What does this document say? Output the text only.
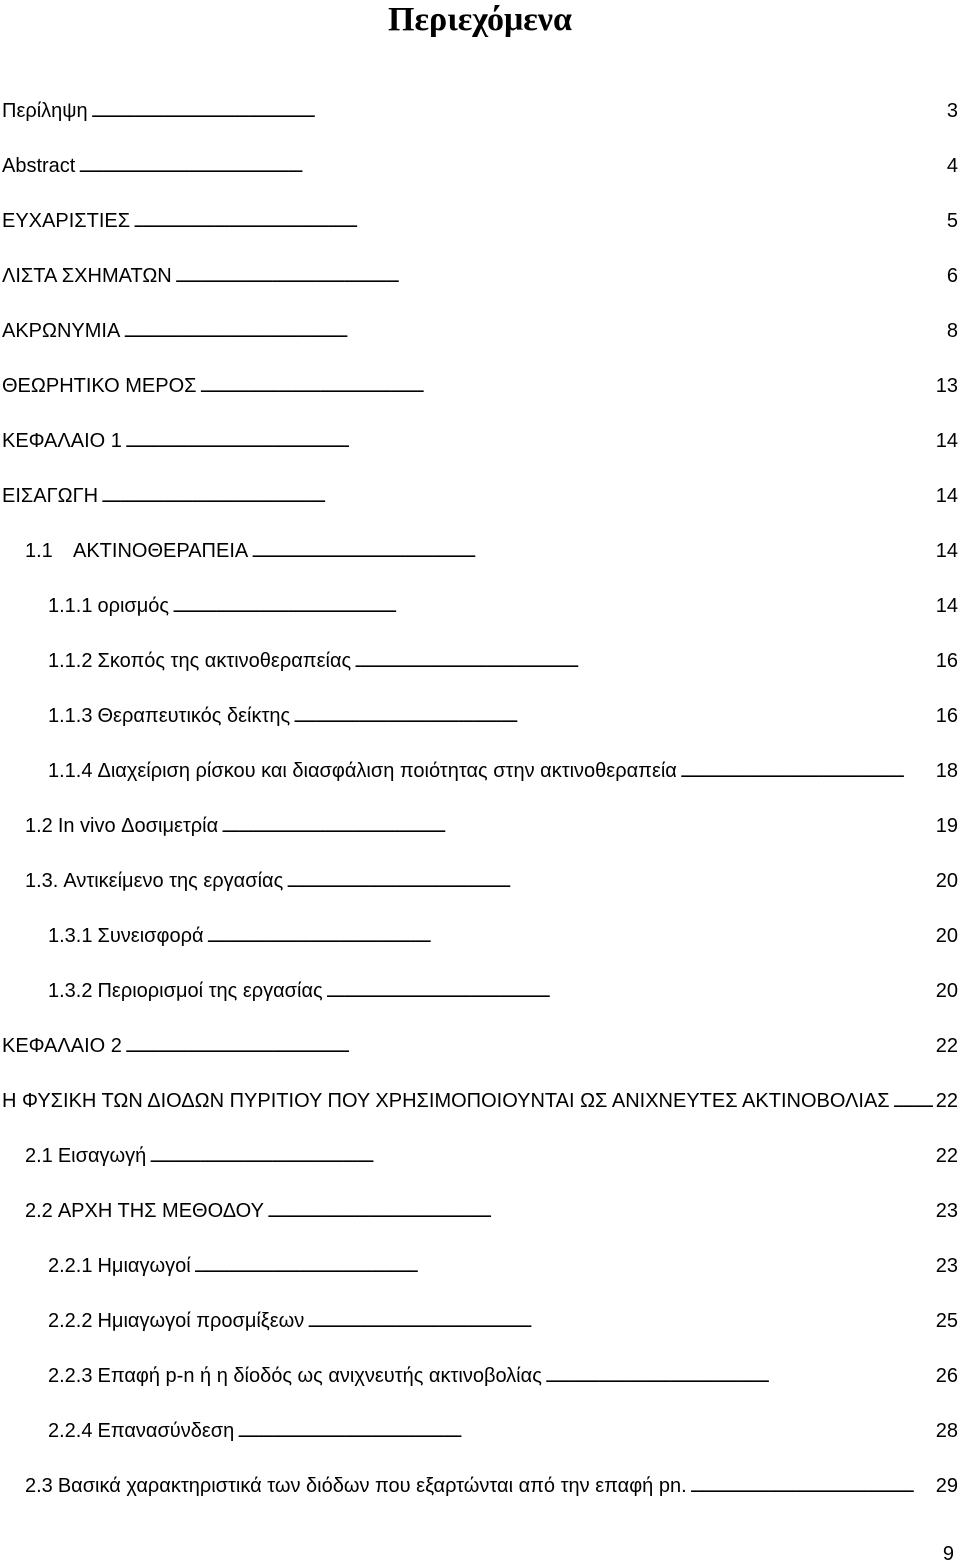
Περιεχόμενα
Περίληψη . . .	3
Abstract . . .	4
ΕΥΧΑΡΙΣΤΙΕΣ . . .	5
ΛΙΣΤΑ ΣΧΗΜΑΤΩΝ . . .	6
ΑΚΡΩΝΥΜΙΑ . . .	8
ΘΕΩΡΗΤΙΚΟ ΜΕΡΟΣ . . .	13
ΚΕΦΑΛΑΙΟ 1 . . .	14
ΕΙΣΑΓΩΓΗ . . .	14
1.1	ΑΚΤΙΝΟΘΕΡΑΠΕΙΑ . . .	14
1.1.1 ορισμός . . .	14
1.1.2 Σκοπός της ακτινοθεραπείας . . .	16
1.1.3 Θεραπευτικός δείκτης . . .	16
1.1.4 Διαχείριση ρίσκου και διασφάλιση ποιότητας στην ακτινοθεραπεία . . .	18
1.2 In vivo Δοσιμετρία . . .	19
1.3. Αντικείμενο της εργασίας . . .	20
1.3.1 Συνεισφορά . . .	20
1.3.2 Περιορισμοί της εργασίας . . .	20
ΚΕΦΑΛΑΙΟ 2 . . .	22
Η ΦΥΣΙΚΗ ΤΩΝ ΔΙΟΔΩΝ ΠΥΡΙΤΙΟΥ ΠΟΥ ΧΡΗΣΙΜΟΠΟΙΟΥΝΤΑΙ ΩΣ ΑΝΙΧΝΕΥΤΕΣ ΑΚΤΙΝΟΒΟΛΙΑΣ . . . 22
2.1 Εισαγωγή . . .	22
2.2 ΑΡΧΗ ΤΗΣ ΜΕΘΟΔΟΥ . . .	23
2.2.1 Ημιαγωγοί . . .	23
2.2.2 Ημιαγωγοί προσμίξεων . . .	25
2.2.3 Επαφή p-n ή η δίοδός ως ανιχνευτής ακτινοβολίας . . .	26
2.2.4 Επανασύνδεση . . .	28
2.3 Βασικά χαρακτηριστικά των διόδων που εξαρτώνται από την επαφή pn. . . .	29
9
